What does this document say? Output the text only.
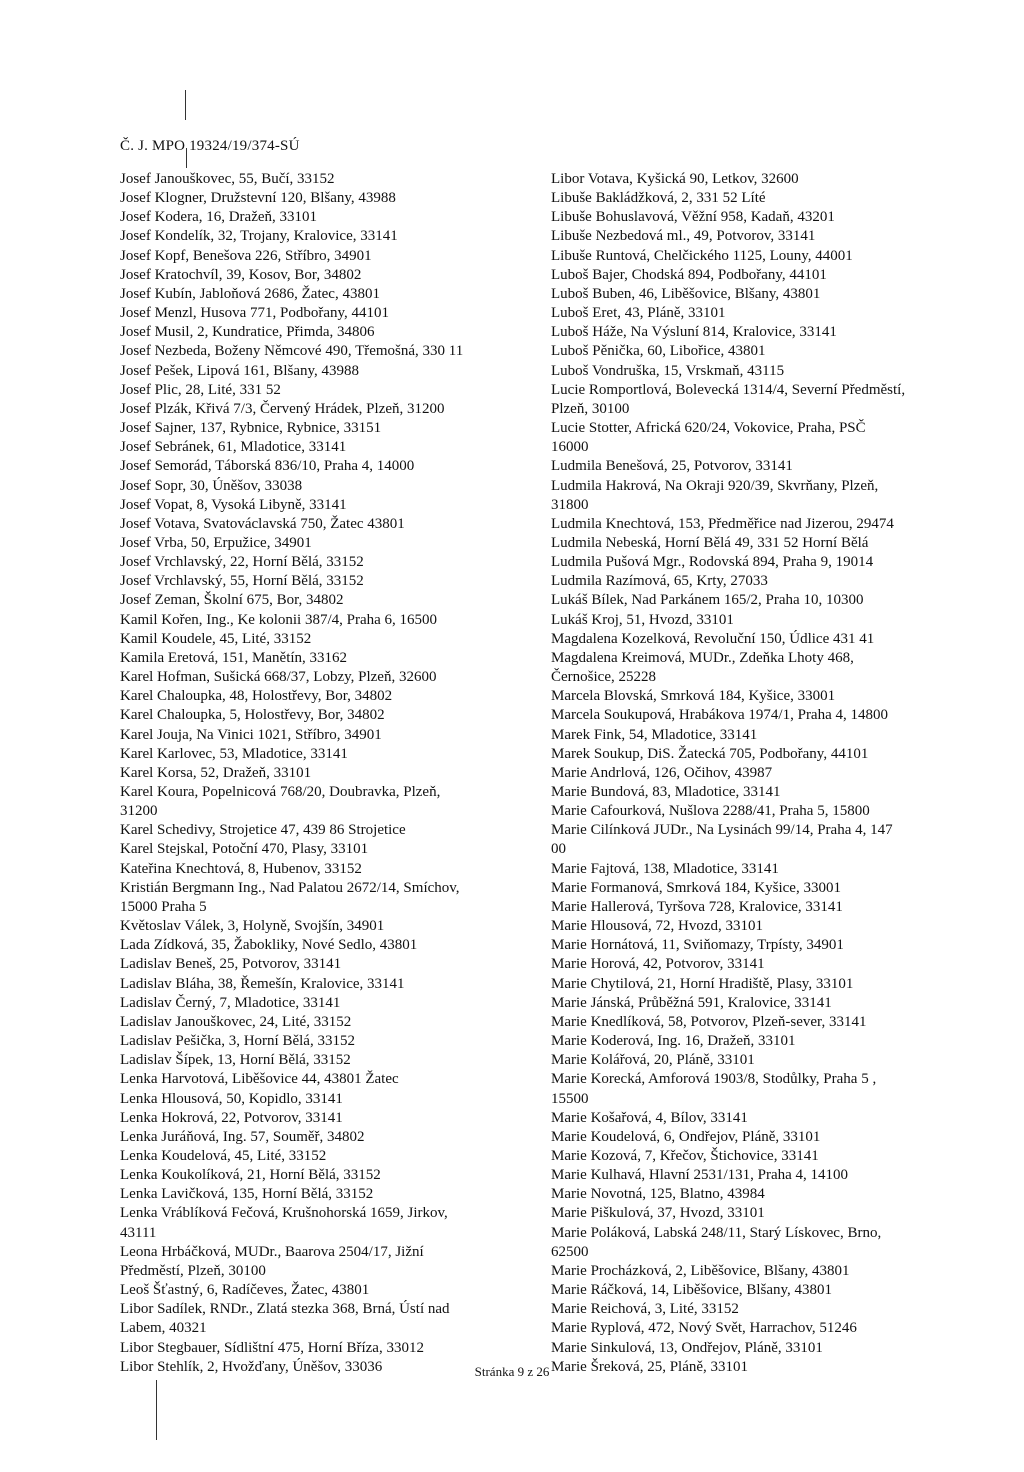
Č. J. MPO 19324/19/374-SÚ
Josef Janouškovec, 55, Bučí, 33152
Josef Klogner, Družstevní 120, Blšany, 43988
Josef Kodera, 16, Dražeň, 33101
Josef Kondelík, 32, Trojany, Kralovice, 33141
Josef Kopf, Benešova 226, Stříbro, 34901
Josef Kratochvíl, 39, Kosov, Bor, 34802
Josef Kubín, Jabloňová 2686, Žatec, 43801
Josef Menzl, Husova 771, Podbořany, 44101
Josef Musil, 2, Kundratice, Přimda, 34806
Josef Nezbeda, Boženy Němcové 490, Třemošná, 330 11
Josef Pešek, Lipová 161, Blšany, 43988
Josef Plic, 28, Lité, 331 52
Josef Plzák, Křivá 7/3, Červený Hrádek, Plzeň, 31200
Josef Sajner, 137, Rybnice, Rybnice, 33151
Josef Sebránek, 61, Mladotice, 33141
Josef Semorád, Táborská 836/10, Praha 4, 14000
Josef Sopr, 30, Úněšov, 33038
Josef Vopat, 8, Vysoká Libyně, 33141
Josef Votava, Svatováclavská 750, Žatec 43801
Josef Vrba, 50, Erpužice, 34901
Josef Vrchlavský, 22, Horní Bělá, 33152
Josef Vrchlavský, 55, Horní Bělá, 33152
Josef Zeman, Školní 675, Bor, 34802
Kamil Kořen, Ing., Ke kolonii 387/4, Praha 6, 16500
Kamil Koudele, 45, Lité, 33152
Kamila Eretová, 151, Manětín, 33162
Karel Hofman, Sušická 668/37, Lobzy, Plzeň, 32600
Karel Chaloupka, 48, Holostřevy, Bor, 34802
Karel Chaloupka, 5, Holostřevy, Bor, 34802
Karel Jouja, Na Vinici 1021, Stříbro, 34901
Karel Karlovec, 53, Mladotice, 33141
Karel Korsa, 52, Dražeň, 33101
Karel Koura, Popelnicová 768/20, Doubravka, Plzeň,
31200
Karel Schedivy, Strojetice 47, 439 86 Strojetice
Karel Stejskal, Potoční 470, Plasy, 33101
Kateřina Knechtová, 8, Hubenov, 33152
Kristián Bergmann Ing., Nad Palatou 2672/14, Smíchov,
15000 Praha 5
Květoslav Válek, 3, Holyně, Svojšín, 34901
Lada Zídková, 35, Žabokliky, Nové Sedlo, 43801
Ladislav Beneš, 25, Potvorov, 33141
Ladislav Bláha, 38, Řemešín, Kralovice, 33141
Ladislav Černý, 7, Mladotice, 33141
Ladislav Janouškovec, 24, Lité, 33152
Ladislav Pešička, 3, Horní Bělá, 33152
Ladislav Šípek, 13, Horní Bělá, 33152
Lenka Harvotová, Liběšovice 44, 43801 Žatec
Lenka Hlousová, 50, Kopidlo, 33141
Lenka Hokrová, 22, Potvorov, 33141
Lenka Juráňová, Ing. 57, Souměř, 34802
Lenka Koudelová, 45, Lité, 33152
Lenka Koukolíková, 21, Horní Bělá, 33152
Lenka Lavičková, 135, Horní Bělá, 33152
Lenka Vráblíková Fečová, Krušnohorská 1659, Jirkov,
43111
Leona Hrbáčková, MUDr., Baarova 2504/17, Jižní
Předměstí, Plzeň, 30100
Leoš Šťastný, 6, Radíčeves, Žatec, 43801
Libor Sadílek, RNDr., Zlatá stezka 368, Brná, Ústí nad
Labem, 40321
Libor Stegbauer, Sídlištní 475, Horní Bříza, 33012
Libor Stehlík, 2, Hvožďany, Úněšov, 33036
Libor Votava, Kyšická 90, Letkov, 32600
Libuše Bakládžková, 2, 331 52 Líté
Libuše Bohuslavová, Věžní 958, Kadaň, 43201
Libuše Nezbedová ml., 49, Potvorov, 33141
Libuše Runtová, Chelčického 1125, Louny, 44001
Luboš Bajer, Chodská 894, Podbořany, 44101
Luboš Buben, 46, Liběšovice, Blšany, 43801
Luboš Eret, 43, Pláně, 33101
Luboš Háže, Na Výsluní 814, Kralovice, 33141
Luboš Pěnička, 60, Libořice, 43801
Luboš Vondruška, 15, Vrskmaň, 43115
Lucie Romportlová, Bolevecká 1314/4, Severní Předměstí,
Plzeň, 30100
Lucie Stotter, Africká 620/24, Vokovice, Praha, PSČ
16000
Ludmila Benešová, 25, Potvorov, 33141
Ludmila Hakrová, Na Okraji 920/39, Skvrňany, Plzeň,
31800
Ludmila Knechtová, 153, Předměřice nad Jizerou, 29474
Ludmila Nebeská, Horní Bělá 49, 331 52 Horní Bělá
Ludmila Pušová Mgr., Rodovská 894, Praha 9, 19014
Ludmila Razímová, 65, Krty, 27033
Lukáš Bílek, Nad Parkánem 165/2, Praha 10, 10300
Lukáš Kroj, 51, Hvozd, 33101
Magdalena Kozelková, Revoluční 150, Údlice 431 41
Magdalena Kreimová, MUDr., Zdeňka Lhoty 468,
Černošice, 25228
Marcela Blovská, Smrková 184, Kyšice, 33001
Marcela Soukupová, Hrabákova 1974/1, Praha 4, 14800
Marek Fink, 54, Mladotice, 33141
Marek Soukup, DiS. Žatecká 705, Podbořany, 44101
Marie Andrlová, 126, Očihov, 43987
Marie Bundová, 83, Mladotice, 33141
Marie Cafourková, Nušlova 2288/41, Praha 5, 15800
Marie Cilínková JUDr., Na Lysinách 99/14, Praha 4, 147
00
Marie Fajtová, 138, Mladotice, 33141
Marie Formanová, Smrková 184, Kyšice, 33001
Marie Hallerová, Tyršova 728, Kralovice, 33141
Marie Hlousová, 72, Hvozd, 33101
Marie Hornátová, 11, Sviňomazy, Trpísty, 34901
Marie Horová, 42, Potvorov, 33141
Marie Chytilová, 21, Horní Hradiště, Plasy, 33101
Marie Jánská, Průběžná 591, Kralovice, 33141
Marie Knedlíková, 58, Potvorov, Plzeň-sever, 33141
Marie Koderová, Ing. 16, Dražeň, 33101
Marie Kolářová, 20, Pláně, 33101
Marie Korecká, Amforová 1903/8, Stodůlky, Praha 5 ,
15500
Marie Košařová, 4, Bílov, 33141
Marie Koudelová, 6, Ondřejov, Pláně, 33101
Marie Kozová, 7, Křečov, Štichovice, 33141
Marie Kulhavá, Hlavní 2531/131, Praha 4, 14100
Marie Novotná, 125, Blatno, 43984
Marie Piškulová, 37, Hvozd, 33101
Marie Poláková, Labská 248/11, Starý Lískovec, Brno,
62500
Marie Procházková, 2, Liběšovice, Blšany, 43801
Marie Ráčková, 14, Liběšovice, Blšany, 43801
Marie Reichová, 3, Lité, 33152
Marie Ryplová, 472, Nový Svět, Harrachov, 51246
Marie Sinkulová, 13, Ondřejov, Pláně, 33101
Marie Šreková, 25, Pláně, 33101
Stránka 9 z 26
